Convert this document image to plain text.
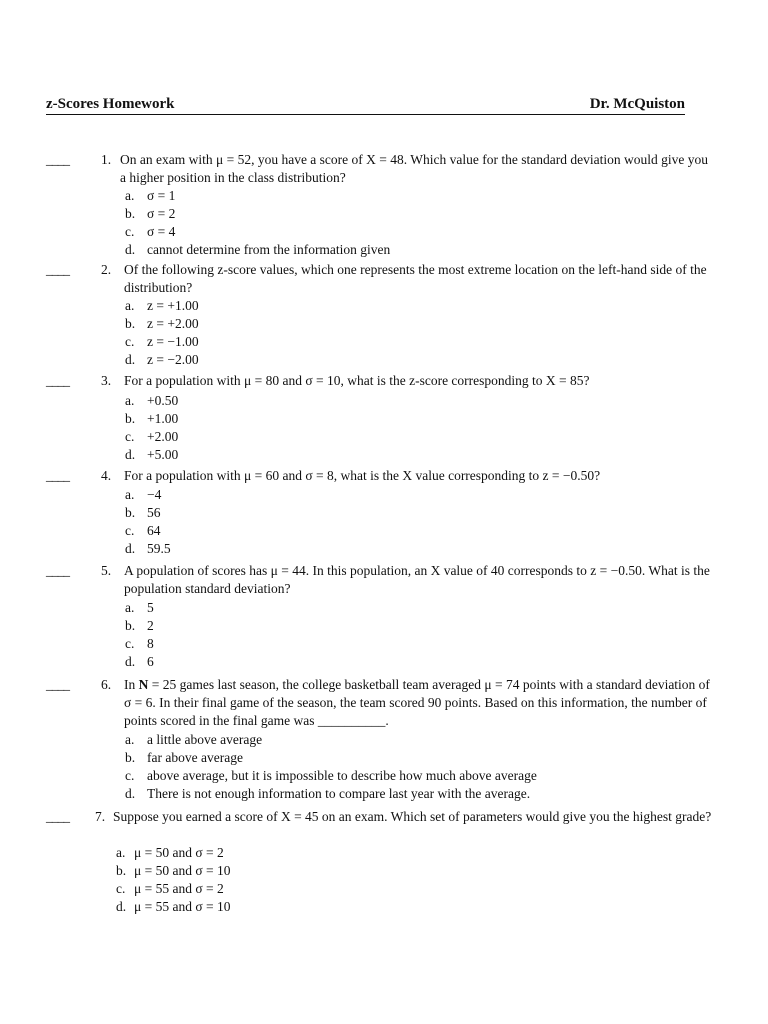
z-Scores Homework	Dr. McQuiston
____ 1. On an exam with μ = 52, you have a score of X = 48. Which value for the standard deviation would give you a higher position in the class distribution?
a. σ = 1
b. σ = 2
c. σ = 4
d. cannot determine from the information given
____ 2. Of the following z-score values, which one represents the most extreme location on the left-hand side of the distribution?
a. z = +1.00
b. z = +2.00
c. z = −1.00
d. z = −2.00
____ 3. For a population with μ = 80 and σ = 10, what is the z-score corresponding to X = 85?
a. +0.50
b. +1.00
c. +2.00
d. +5.00
____ 4. For a population with μ = 60 and σ = 8, what is the X value corresponding to z = −0.50?
a. −4
b. 56
c. 64
d. 59.5
____ 5. A population of scores has μ = 44. In this population, an X value of 40 corresponds to z = −0.50. What is the population standard deviation?
a. 5
b. 2
c. 8
d. 6
____ 6. In N = 25 games last season, the college basketball team averaged μ = 74 points with a standard deviation of σ = 6. In their final game of the season, the team scored 90 points. Based on this information, the number of points scored in the final game was __________.
a. a little above average
b. far above average
c. above average, but it is impossible to describe how much above average
d. There is not enough information to compare last year with the average.
____ 7. Suppose you earned a score of X = 45 on an exam. Which set of parameters would give you the highest grade?
a. μ = 50 and σ = 2
b. μ = 50 and σ = 10
c. μ = 55 and σ = 2
d. μ = 55 and σ = 10
